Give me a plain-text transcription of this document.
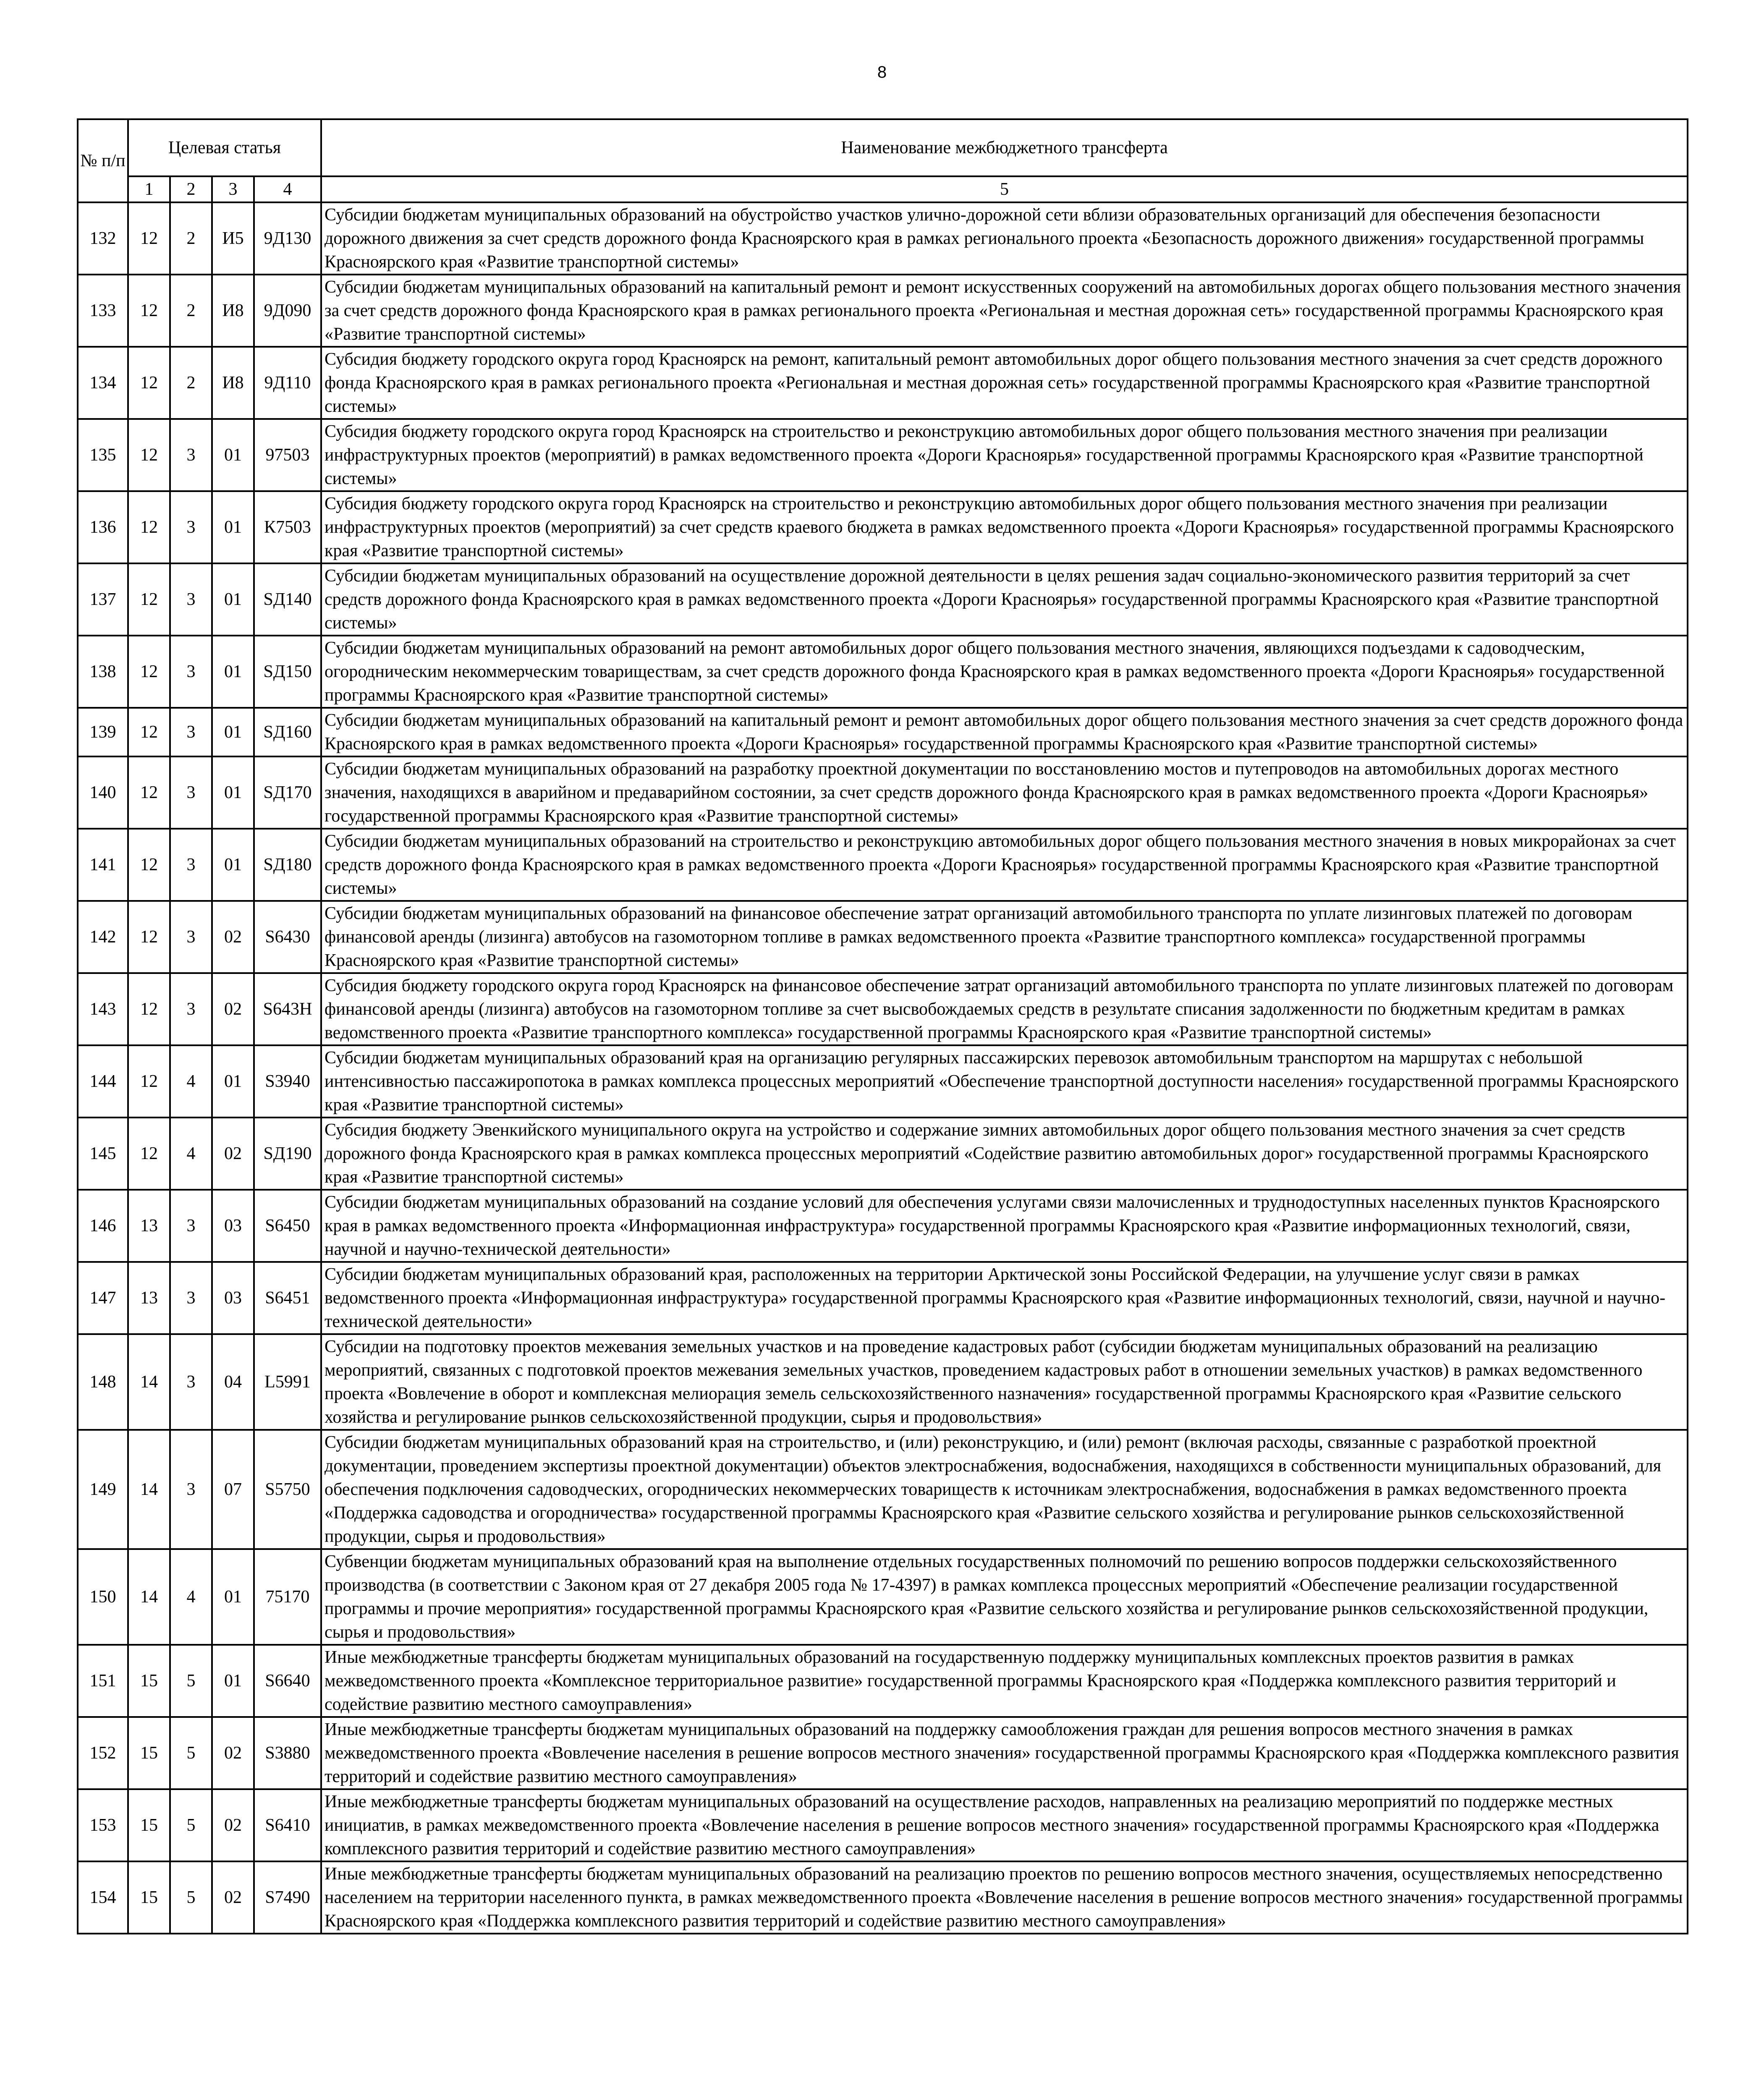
8
№ п/п	Целевая статья				Наименование межбюджетного трансферта
	1	2	3	4	5
132	12	2	И5	9Д130	Субсидии бюджетам муниципальных образований на обустройство участков улично-дорожной сети вблизи образовательных организаций для обеспечения безопасности дорожного движения за счет средств дорожного фонда Красноярского края в рамках регионального проекта «Безопасность дорожного движения» государственной программы Красноярского края «Развитие транспортной системы»
133	12	2	И8	9Д090	Субсидии бюджетам муниципальных образований на капитальный ремонт и ремонт искусственных сооружений на автомобильных дорогах общего пользования местного значения за счет средств дорожного фонда Красноярского края в рамках регионального проекта «Региональная и местная дорожная сеть» государственной программы Красноярского края «Развитие транспортной системы»
134	12	2	И8	9Д110	Субсидия бюджету городского округа город Красноярск на ремонт, капитальный ремонт автомобильных дорог общего пользования местного значения за счет средств дорожного фонда Красноярского края в рамках регионального проекта «Региональная и местная дорожная сеть» государственной программы Красноярского края «Развитие транспортной системы»
135	12	3	01	97503	Субсидия бюджету городского округа город Красноярск на строительство и реконструкцию автомобильных дорог общего пользования местного значения при реализации инфраструктурных проектов (мероприятий) в рамках ведомственного проекта «Дороги Красноярья» государственной программы Красноярского края «Развитие транспортной системы»
136	12	3	01	К7503	Субсидия бюджету городского округа город Красноярск на строительство и реконструкцию автомобильных дорог общего пользования местного значения при реализации инфраструктурных проектов (мероприятий) за счет средств краевого бюджета в рамках ведомственного проекта «Дороги Красноярья» государственной программы Красноярского края «Развитие транспортной системы»
137	12	3	01	SД140	Субсидии бюджетам муниципальных образований на осуществление дорожной деятельности в целях решения задач социально-экономического развития территорий за счет средств дорожного фонда Красноярского края в рамках ведомственного проекта «Дороги Красноярья» государственной программы Красноярского края «Развитие транспортной системы»
138	12	3	01	SД150	Субсидии бюджетам муниципальных образований на ремонт автомобильных дорог общего пользования местного значения, являющихся подъездами к садоводческим, огородническим некоммерческим товариществам, за счет средств дорожного фонда Красноярского края в рамках ведомственного проекта «Дороги Красноярья» государственной программы Красноярского края «Развитие транспортной системы»
139	12	3	01	SД160	Субсидии бюджетам муниципальных образований на капитальный ремонт и ремонт автомобильных дорог общего пользования местного значения за счет средств дорожного фонда Красноярского края в рамках ведомственного проекта «Дороги Красноярья» государственной программы Красноярского края «Развитие транспортной системы»
140	12	3	01	SД170	Субсидии бюджетам муниципальных образований на разработку проектной документации по восстановлению мостов и путепроводов на автомобильных дорогах местного значения, находящихся в аварийном и предаварийном состоянии, за счет средств дорожного фонда Красноярского края в рамках ведомственного проекта «Дороги Красноярья» государственной программы Красноярского края «Развитие транспортной системы»
141	12	3	01	SД180	Субсидии бюджетам муниципальных образований на строительство и реконструкцию автомобильных дорог общего пользования местного значения в новых микрорайонах за счет средств дорожного фонда Красноярского края в рамках ведомственного проекта «Дороги Красноярья» государственной программы Красноярского края «Развитие транспортной системы»
142	12	3	02	S6430	Субсидии бюджетам муниципальных образований на финансовое обеспечение затрат организаций автомобильного транспорта по уплате лизинговых платежей по договорам финансовой аренды (лизинга) автобусов на газомоторном топливе в рамках ведомственного проекта «Развитие транспортного комплекса» государственной программы Красноярского края «Развитие транспортной системы»
143	12	3	02	S643Н	Субсидия бюджету городского округа город Красноярск на финансовое обеспечение затрат организаций автомобильного транспорта по уплате лизинговых платежей по договорам финансовой аренды (лизинга) автобусов на газомоторном топливе за счет высвобождаемых средств в результате списания задолженности по бюджетным кредитам в рамках ведомственного проекта «Развитие транспортного комплекса» государственной программы Красноярского края «Развитие транспортной системы»
144	12	4	01	S3940	Субсидии бюджетам муниципальных образований края на организацию регулярных пассажирских перевозок автомобильным транспортом на маршрутах с небольшой интенсивностью пассажиропотока в рамках комплекса процессных мероприятий «Обеспечение транспортной доступности населения» государственной программы Красноярского края «Развитие транспортной системы»
145	12	4	02	SД190	Субсидия бюджету Эвенкийского муниципального округа на устройство и содержание зимних автомобильных дорог общего пользования местного значения за счет средств дорожного фонда Красноярского края в рамках комплекса процессных мероприятий «Содействие развитию автомобильных дорог» государственной программы Красноярского края «Развитие транспортной системы»
146	13	3	03	S6450	Субсидии бюджетам муниципальных образований на создание условий для обеспечения услугами связи малочисленных и труднодоступных населенных пунктов Красноярского края в рамках ведомственного проекта «Информационная инфраструктура» государственной программы Красноярского края «Развитие информационных технологий, связи, научной и научно-технической деятельности»
147	13	3	03	S6451	Субсидии бюджетам муниципальных образований края, расположенных на территории Арктической зоны Российской Федерации, на улучшение услуг связи в рамках ведомственного проекта «Информационная инфраструктура» государственной программы Красноярского края «Развитие информационных технологий, связи, научной и научно-технической деятельности»
148	14	3	04	L5991	Субсидии на подготовку проектов межевания земельных участков и на проведение кадастровых работ (субсидии бюджетам муниципальных образований на реализацию мероприятий, связанных с подготовкой проектов межевания земельных участков, проведением кадастровых работ в отношении земельных участков) в рамках ведомственного проекта «Вовлечение в оборот и комплексная мелиорация земель сельскохозяйственного назначения» государственной программы Красноярского края «Развитие сельского хозяйства и регулирование рынков сельскохозяйственной продукции, сырья и продовольствия»
149	14	3	07	S5750	Субсидии бюджетам муниципальных образований края на строительство, и (или) реконструкцию, и (или) ремонт (включая расходы, связанные с разработкой проектной документации, проведением экспертизы проектной документации) объектов электроснабжения, водоснабжения, находящихся в собственности муниципальных образований, для обеспечения подключения садоводческих, огороднических некоммерческих товариществ к источникам электроснабжения, водоснабжения в рамках ведомственного проекта «Поддержка садоводства и огородничества» государственной программы Красноярского края «Развитие сельского хозяйства и регулирование рынков сельскохозяйственной продукции, сырья и продовольствия»
150	14	4	01	75170	Субвенции бюджетам муниципальных образований края на выполнение отдельных государственных полномочий по решению вопросов поддержки сельскохозяйственного производства (в соответствии с Законом края от 27 декабря 2005 года № 17-4397) в рамках комплекса процессных мероприятий «Обеспечение реализации государственной программы и прочие мероприятия» государственной программы Красноярского края «Развитие сельского хозяйства и регулирование рынков сельскохозяйственной продукции, сырья и продовольствия»
151	15	5	01	S6640	Иные межбюджетные трансферты бюджетам муниципальных образований на государственную поддержку муниципальных комплексных проектов развития в рамках межведомственного проекта «Комплексное территориальное развитие» государственной программы Красноярского края «Поддержка комплексного развития территорий и содействие развитию местного самоуправления»
152	15	5	02	S3880	Иные межбюджетные трансферты бюджетам муниципальных образований на поддержку самообложения граждан для решения вопросов местного значения в рамках межведомственного проекта «Вовлечение населения в решение вопросов местного значения» государственной программы Красноярского края «Поддержка комплексного развития территорий и содействие развитию местного самоуправления»
153	15	5	02	S6410	Иные межбюджетные трансферты бюджетам муниципальных образований на осуществление расходов, направленных на реализацию мероприятий по поддержке местных инициатив, в рамках межведомственного проекта «Вовлечение населения в решение вопросов местного значения» государственной программы Красноярского края «Поддержка комплексного развития территорий и содействие развитию местного самоуправления»
154	15	5	02	S7490	Иные межбюджетные трансферты бюджетам муниципальных образований на реализацию проектов по решению вопросов местного значения, осуществляемых непосредственно населением на территории населенного пункта, в рамках межведомственного проекта «Вовлечение населения в решение вопросов местного значения» государственной программы Красноярского края «Поддержка комплексного развития территорий и содействие развитию местного самоуправления»
